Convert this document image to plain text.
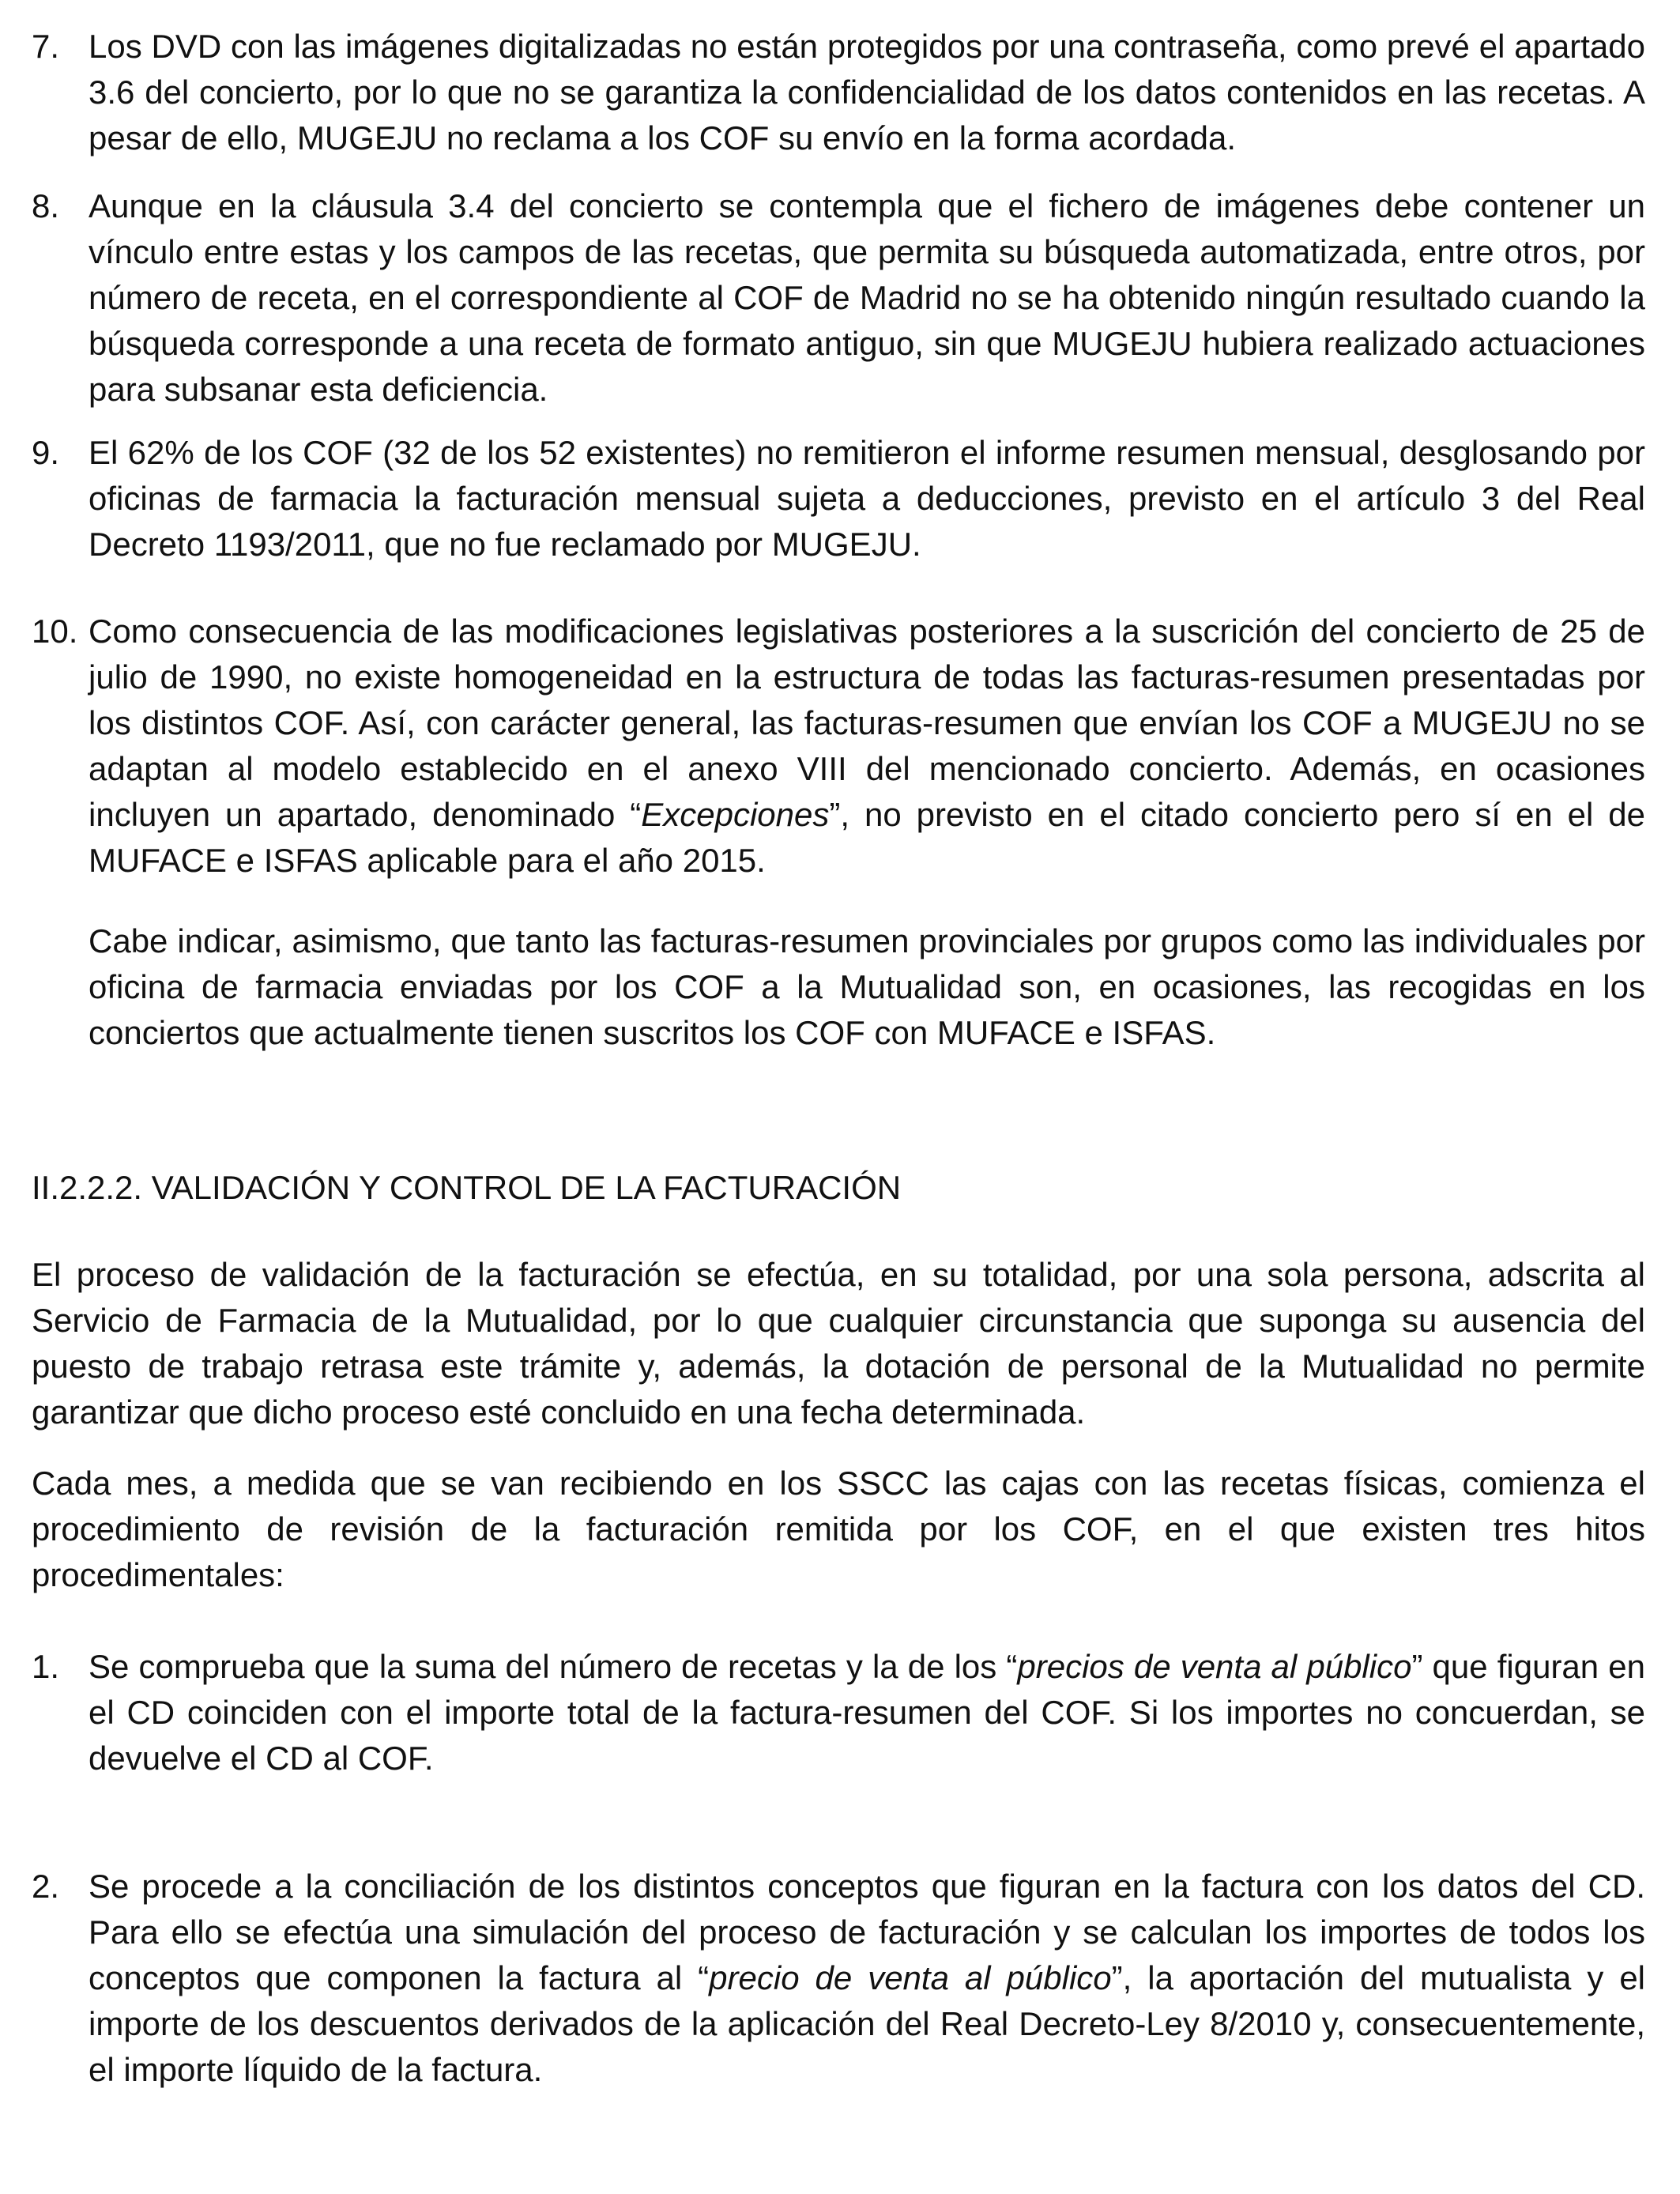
7. Los DVD con las imágenes digitalizadas no están protegidos por una contraseña, como prevé el apartado 3.6 del concierto, por lo que no se garantiza la confidencialidad de los datos contenidos en las recetas. A pesar de ello, MUGEJU no reclama a los COF su envío en la forma acordada.

8. Aunque en la cláusula 3.4 del concierto se contempla que el fichero de imágenes debe contener un vínculo entre estas y los campos de las recetas, que permita su búsqueda automatizada, entre otros, por número de receta, en el correspondiente al COF de Madrid no se ha obtenido ningún resultado cuando la búsqueda corresponde a una receta de formato antiguo, sin que MUGEJU hubiera realizado actuaciones para subsanar esta deficiencia.

9. El 62% de los COF (32 de los 52 existentes) no remitieron el informe resumen mensual, desglosando por oficinas de farmacia la facturación mensual sujeta a deducciones, previsto en el artículo 3 del Real Decreto 1193/2011, que no fue reclamado por MUGEJU.

10. Como consecuencia de las modificaciones legislativas posteriores a la suscrición del concierto de 25 de julio de 1990, no existe homogeneidad en la estructura de todas las facturas-resumen presentadas por los distintos COF. Así, con carácter general, las facturas-resumen que envían los COF a MUGEJU no se adaptan al modelo establecido en el anexo VIII del mencionado concierto. Además, en ocasiones incluyen un apartado, denominado “Excepciones”, no previsto en el citado concierto pero sí en el de MUFACE e ISFAS aplicable para el año 2015.

Cabe indicar, asimismo, que tanto las facturas-resumen provinciales por grupos como las individuales por oficina de farmacia enviadas por los COF a la Mutualidad son, en ocasiones, las recogidas en los conciertos que actualmente tienen suscritos los COF con MUFACE e ISFAS.

II.2.2.2. VALIDACIÓN Y CONTROL DE LA FACTURACIÓN

El proceso de validación de la facturación se efectúa, en su totalidad, por una sola persona, adscrita al Servicio de Farmacia de la Mutualidad, por lo que cualquier circunstancia que suponga su ausencia del puesto de trabajo retrasa este trámite y, además, la dotación de personal de la Mutualidad no permite garantizar que dicho proceso esté concluido en una fecha determinada.

Cada mes, a medida que se van recibiendo en los SSCC las cajas con las recetas físicas, comienza el procedimiento de revisión de la facturación remitida por los COF, en el que existen tres hitos procedimentales:

1. Se comprueba que la suma del número de recetas y la de los “precios de venta al público” que figuran en el CD coinciden con el importe total de la factura-resumen del COF. Si los importes no concuerdan, se devuelve el CD al COF.

2. Se procede a la conciliación de los distintos conceptos que figuran en la factura con los datos del CD. Para ello se efectúa una simulación del proceso de facturación y se calculan los importes de todos los conceptos que componen la factura al “precio de venta al público”, la aportación del mutualista y el importe de los descuentos derivados de la aplicación del Real Decreto-Ley 8/2010 y, consecuentemente, el importe líquido de la factura.
